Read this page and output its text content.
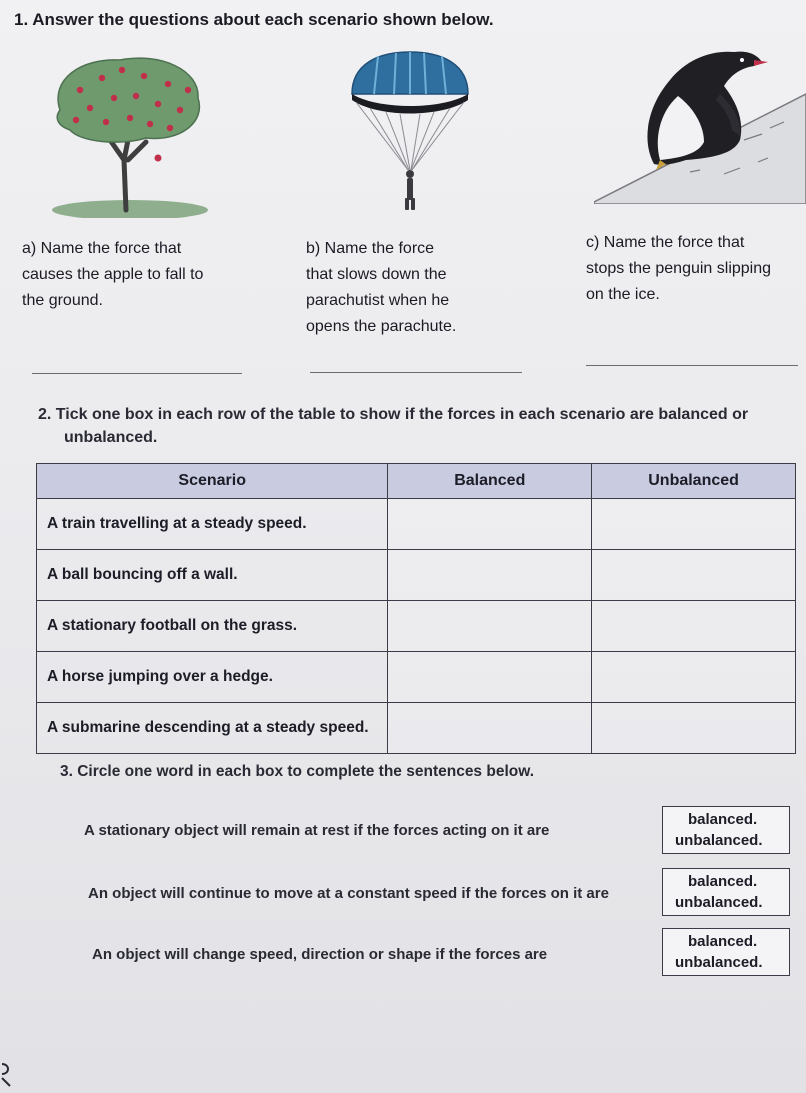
1. Answer the questions about each scenario shown below.
a) Name the force that
causes the apple to fall to
the ground.
b) Name the force
that slows down the
parachutist when he
opens the parachute.
c) Name the force that
stops the penguin slipping
on the ice.
2. Tick one box in each row of the table to show if the forces in each scenario are balanced or
unbalanced.
Scenario	Balanced	Unbalanced
A train travelling at a steady speed.		
A ball bouncing off a wall.		
A stationary football on the grass.		
A horse jumping over a hedge.		
A submarine descending at a steady speed.		
3. Circle one word in each box to complete the sentences below.
A stationary object will remain at rest if the forces acting on it are
balanced.
unbalanced.
An object will continue to move at a constant speed if the forces on it are
balanced.
unbalanced.
An object will change speed, direction or shape if the forces are
balanced.
unbalanced.
